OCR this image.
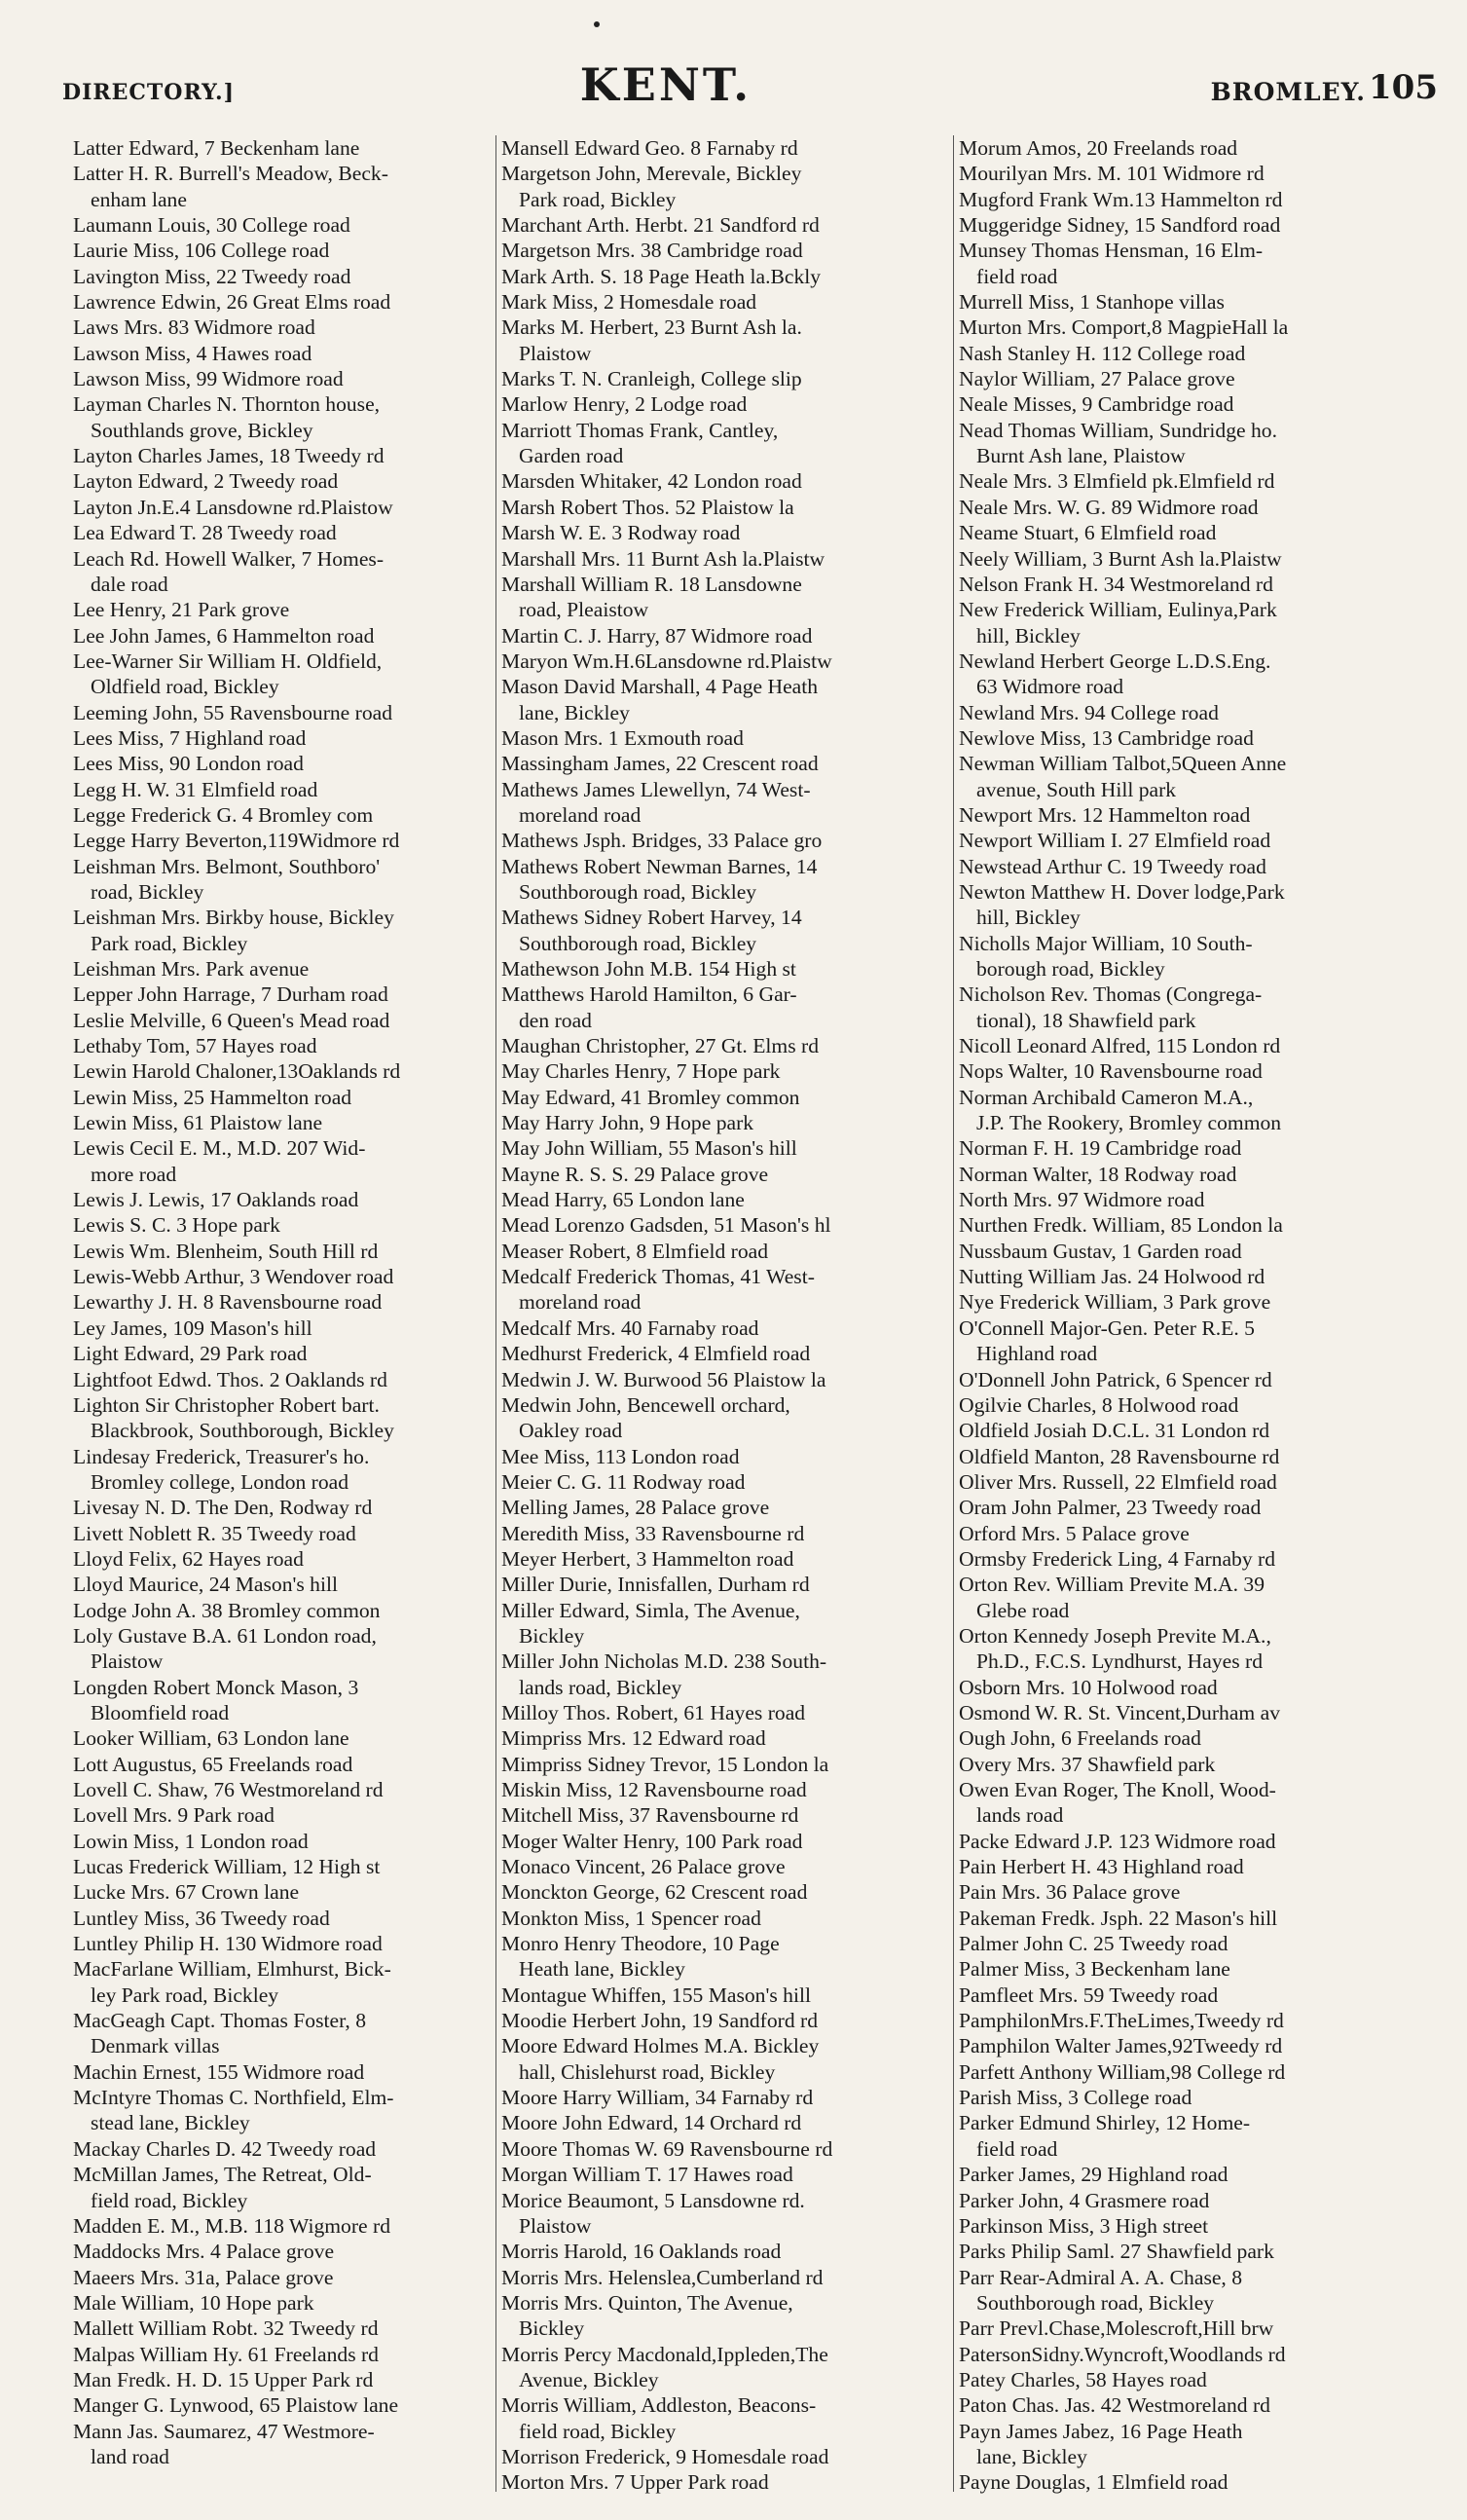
DIRECTORY.]	KENT.	BROMLEY. 105
Latter Edward, 7 Beckenham lane
Latter H. R. Burrell's Meadow, Beck-
enham lane
Laumann Louis, 30 College road
Laurie Miss, 106 College road
Lavington Miss, 22 Tweedy road
Lawrence Edwin, 26 Great Elms road
Laws Mrs. 83 Widmore road
Lawson Miss, 4 Hawes road
Lawson Miss, 99 Widmore road
Layman Charles N. Thornton house,
Southlands grove, Bickley
Layton Charles James, 18 Tweedy rd
Layton Edward, 2 Tweedy road
Layton Jn.E.4 Lansdowne rd.Plaistow
Lea Edward T. 28 Tweedy road
Leach Rd. Howell Walker, 7 Homes-
dale road
Lee Henry, 21 Park grove
Lee John James, 6 Hammelton road
Lee-Warner Sir William H. Oldfield,
Oldfield road, Bickley
Leeming John, 55 Ravensbourne road
Lees Miss, 7 Highland road
Lees Miss, 90 London road
Legg H. W. 31 Elmfield road
Legge Frederick G. 4 Bromley com
Legge Harry Beverton,119Widmore rd
Leishman Mrs. Belmont, Southboro'
road, Bickley
Leishman Mrs. Birkby house, Bickley
Park road, Bickley
Leishman Mrs. Park avenue
Lepper John Harrage, 7 Durham road
Leslie Melville, 6 Queen's Mead road
Lethaby Tom, 57 Hayes road
Lewin Harold Chaloner,13Oaklands rd
Lewin Miss, 25 Hammelton road
Lewin Miss, 61 Plaistow lane
Lewis Cecil E. M., M.D. 207 Wid-
more road
Lewis J. Lewis, 17 Oaklands road
Lewis S. C. 3 Hope park
Lewis Wm. Blenheim, South Hill rd
Lewis-Webb Arthur, 3 Wendover road
Lewarthy J. H. 8 Ravensbourne road
Ley James, 109 Mason's hill
Light Edward, 29 Park road
Lightfoot Edwd. Thos. 2 Oaklands rd
Lighton Sir Christopher Robert bart.
Blackbrook, Southborough, Bickley
Lindesay Frederick, Treasurer's ho.
Bromley college, London road
Livesay N. D. The Den, Rodway rd
Livett Noblett R. 35 Tweedy road
Lloyd Felix, 62 Hayes road
Lloyd Maurice, 24 Mason's hill
Lodge John A. 38 Bromley common
Loly Gustave B.A. 61 London road,
Plaistow
Longden Robert Monck Mason, 3
Bloomfield road
Looker William, 63 London lane
Lott Augustus, 65 Freelands road
Lovell C. Shaw, 76 Westmoreland rd
Lovell Mrs. 9 Park road
Lowin Miss, 1 London road
Lucas Frederick William, 12 High st
Lucke Mrs. 67 Crown lane
Luntley Miss, 36 Tweedy road
Luntley Philip H. 130 Widmore road
MacFarlane William, Elmhurst, Bick-
ley Park road, Bickley
MacGeagh Capt. Thomas Foster, 8
Denmark villas
Machin Ernest, 155 Widmore road
McIntyre Thomas C. Northfield, Elm-
stead lane, Bickley
Mackay Charles D. 42 Tweedy road
McMillan James, The Retreat, Old-
field road, Bickley
Madden E. M., M.B. 118 Wigmore rd
Maddocks Mrs. 4 Palace grove
Maeers Mrs. 31a, Palace grove
Male William, 10 Hope park
Mallett William Robt. 32 Tweedy rd
Malpas William Hy. 61 Freelands rd
Man Fredk. H. D. 15 Upper Park rd
Manger G. Lynwood, 65 Plaistow lane
Mann Jas. Saumarez, 47 Westmore-
land road
Mansell Edward Geo. 8 Farnaby rd
Margetson John, Merevale, Bickley
Park road, Bickley
Marchant Arth. Herbt. 21 Sandford rd
Margetson Mrs. 38 Cambridge road
Mark Arth. S. 18 Page Heath la.Bckly
Mark Miss, 2 Homesdale road
Marks M. Herbert, 23 Burnt Ash la.
Plaistow
Marks T. N. Cranleigh, College slip
Marlow Henry, 2 Lodge road
Marriott Thomas Frank, Cantley,
Garden road
Marsden Whitaker, 42 London road
Marsh Robert Thos. 52 Plaistow la
Marsh W. E. 3 Rodway road
Marshall Mrs. 11 Burnt Ash la.Plaistw
Marshall William R. 18 Lansdowne
road, Pleaistow
Martin C. J. Harry, 87 Widmore road
Maryon Wm.H.6Lansdowne rd.Plaistw
Mason David Marshall, 4 Page Heath
lane, Bickley
Mason Mrs. 1 Exmouth road
Massingham James, 22 Crescent road
Mathews James Llewellyn, 74 West-
moreland road
Mathews Jsph. Bridges, 33 Palace gro
Mathews Robert Newman Barnes, 14
Southborough road, Bickley
Mathews Sidney Robert Harvey, 14
Southborough road, Bickley
Mathewson John M.B. 154 High st
Matthews Harold Hamilton, 6 Gar-
den road
Maughan Christopher, 27 Gt. Elms rd
May Charles Henry, 7 Hope park
May Edward, 41 Bromley common
May Harry John, 9 Hope park
May John William, 55 Mason's hill
Mayne R. S. S. 29 Palace grove
Mead Harry, 65 London lane
Mead Lorenzo Gadsden, 51 Mason's hl
Measer Robert, 8 Elmfield road
Medcalf Frederick Thomas, 41 West-
moreland road
Medcalf Mrs. 40 Farnaby road
Medhurst Frederick, 4 Elmfield road
Medwin J. W. Burwood 56 Plaistow la
Medwin John, Bencewell orchard,
Oakley road
Mee Miss, 113 London road
Meier C. G. 11 Rodway road
Melling James, 28 Palace grove
Meredith Miss, 33 Ravensbourne rd
Meyer Herbert, 3 Hammelton road
Miller Durie, Innisfallen, Durham rd
Miller Edward, Simla, The Avenue,
Bickley
Miller John Nicholas M.D. 238 South-
lands road, Bickley
Milloy Thos. Robert, 61 Hayes road
Mimpriss Mrs. 12 Edward road
Mimpriss Sidney Trevor, 15 London la
Miskin Miss, 12 Ravensbourne road
Mitchell Miss, 37 Ravensbourne rd
Moger Walter Henry, 100 Park road
Monaco Vincent, 26 Palace grove
Monckton George, 62 Crescent road
Monkton Miss, 1 Spencer road
Monro Henry Theodore, 10 Page
Heath lane, Bickley
Montague Whiffen, 155 Mason's hill
Moodie Herbert John, 19 Sandford rd
Moore Edward Holmes M.A. Bickley
hall, Chislehurst road, Bickley
Moore Harry William, 34 Farnaby rd
Moore John Edward, 14 Orchard rd
Moore Thomas W. 69 Ravensbourne rd
Morgan William T. 17 Hawes road
Morice Beaumont, 5 Lansdowne rd.
Plaistow
Morris Harold, 16 Oaklands road
Morris Mrs. Helenslea,Cumberland rd
Morris Mrs. Quinton, The Avenue,
Bickley
Morris Percy Macdonald,Ippleden,The
Avenue, Bickley
Morris William, Addleston, Beacons-
field road, Bickley
Morrison Frederick, 9 Homesdale road
Morton Mrs. 7 Upper Park road
Morum Amos, 20 Freelands road
Mourilyan Mrs. M. 101 Widmore rd
Mugford Frank Wm.13 Hammelton rd
Muggeridge Sidney, 15 Sandford road
Munsey Thomas Hensman, 16 Elm-
field road
Murrell Miss, 1 Stanhope villas
Murton Mrs. Comport,8 MagpieHall la
Nash Stanley H. 112 College road
Naylor William, 27 Palace grove
Neale Misses, 9 Cambridge road
Nead Thomas William, Sundridge ho.
Burnt Ash lane, Plaistow
Neale Mrs. 3 Elmfield pk.Elmfield rd
Neale Mrs. W. G. 89 Widmore road
Neame Stuart, 6 Elmfield road
Neely William, 3 Burnt Ash la.Plaistw
Nelson Frank H. 34 Westmoreland rd
New Frederick William, Eulinya,Park
hill, Bickley
Newland Herbert George L.D.S.Eng.
63 Widmore road
Newland Mrs. 94 College road
Newlove Miss, 13 Cambridge road
Newman William Talbot,5Queen Anne
avenue, South Hill park
Newport Mrs. 12 Hammelton road
Newport William I. 27 Elmfield road
Newstead Arthur C. 19 Tweedy road
Newton Matthew H. Dover lodge,Park
hill, Bickley
Nicholls Major William, 10 South-
borough road, Bickley
Nicholson Rev. Thomas (Congrega-
tional), 18 Shawfield park
Nicoll Leonard Alfred, 115 London rd
Nops Walter, 10 Ravensbourne road
Norman Archibald Cameron M.A.,
J.P. The Rookery, Bromley common
Norman F. H. 19 Cambridge road
Norman Walter, 18 Rodway road
North Mrs. 97 Widmore road
Nurthen Fredk. William, 85 London la
Nussbaum Gustav, 1 Garden road
Nutting William Jas. 24 Holwood rd
Nye Frederick William, 3 Park grove
O'Connell Major-Gen. Peter R.E. 5
Highland road
O'Donnell John Patrick, 6 Spencer rd
Ogilvie Charles, 8 Holwood road
Oldfield Josiah D.C.L. 31 London rd
Oldfield Manton, 28 Ravensbourne rd
Oliver Mrs. Russell, 22 Elmfield road
Oram John Palmer, 23 Tweedy road
Orford Mrs. 5 Palace grove
Ormsby Frederick Ling, 4 Farnaby rd
Orton Rev. William Previte M.A. 39
Glebe road
Orton Kennedy Joseph Previte M.A.,
Ph.D., F.C.S. Lyndhurst, Hayes rd
Osborn Mrs. 10 Holwood road
Osmond W. R. St. Vincent,Durham av
Ough John, 6 Freelands road
Overy Mrs. 37 Shawfield park
Owen Evan Roger, The Knoll, Wood-
lands road
Packe Edward J.P. 123 Widmore road
Pain Herbert H. 43 Highland road
Pain Mrs. 36 Palace grove
Pakeman Fredk. Jsph. 22 Mason's hill
Palmer John C. 25 Tweedy road
Palmer Miss, 3 Beckenham lane
Pamfleet Mrs. 59 Tweedy road
PamphilonMrs.F.TheLimes,Tweedy rd
Pamphilon Walter James,92Tweedy rd
Parfett Anthony William,98 College rd
Parish Miss, 3 College road
Parker Edmund Shirley, 12 Home-
field road
Parker James, 29 Highland road
Parker John, 4 Grasmere road
Parkinson Miss, 3 High street
Parks Philip Saml. 27 Shawfield park
Parr Rear-Admiral A. A. Chase, 8
Southborough road, Bickley
Parr Prevl.Chase,Molescroft,Hill brw
PatersonSidny.Wyncroft,Woodlands rd
Patey Charles, 58 Hayes road
Paton Chas. Jas. 42 Westmoreland rd
Payn James Jabez, 16 Page Heath
lane, Bickley
Payne Douglas, 1 Elmfield road
